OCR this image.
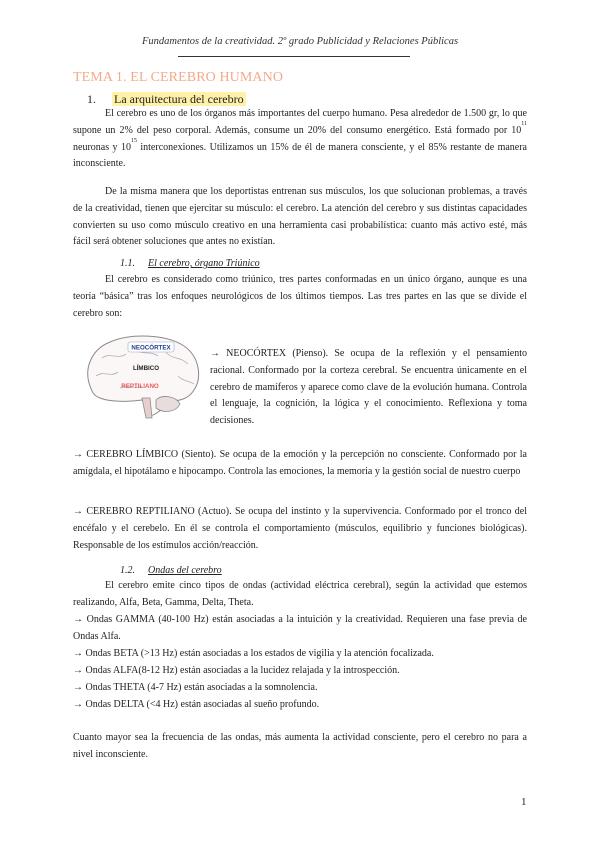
Fundamentos de la creatividad. 2º grado Publicidad y Relaciones Públicas
TEMA 1. EL CEREBRO HUMANO
1. La arquitectura del cerebro

El cerebro es uno de los órganos más importantes del cuerpo humano. Pesa alrededor de 1.500 gr, lo que supone un 2% del peso corporal. Además, consume un 20% del consumo energético. Está formado por $10^{11}$ neuronas y $10^{15}$ interconexiones. Utilizamos un 15% de él de manera consciente, y el 85% restante de manera inconsciente.

De la misma manera que los deportistas entrenan sus músculos, los que solucionan problemas, a través de la creatividad, tienen que ejercitar su músculo: el cerebro. La atención del cerebro y sus distintas capacidades convierten su uso como músculo creativo en una herramienta casi probabilística: cuanto más activo esté, más fácil será obtener soluciones que antes no existían.

1.1. El cerebro, órgano Triúnico

El cerebro es considerado como triúnico, tres partes conformadas en un único órgano, aunque es una teoría “básica” tras los enfoques neurológicos de los últimos tiempos. Las tres partes en las que se divide el cerebro son:

NEOCÓRTEX
LÍMBICO
REPTILIANO

→ NEOCÓRTEX (Pienso). Se ocupa de la reflexión y el pensamiento racional. Conformado por la corteza cerebral. Se encuentra únicamente en el cerebro de mamíferos y aparece como clave de la evolución humana. Controla el lenguaje, la cognición, la lógica y el conocimiento. Reflexiona y toma decisiones.

→ CEREBRO LÍMBICO (Siento). Se ocupa de la emoción y la percepción no consciente. Conformado por la amígdala, el hipotálamo e hipocampo. Controla las emociones, la memoria y la gestión social de nuestro cuerpo

→ CEREBRO REPTILIANO (Actuo). Se ocupa del instinto y la supervivencia. Conformado por el tronco del encéfalo y el cerebelo. En él se controla el comportamiento (músculos, equilibrio y funciones biológicas). Responsable de los estímulos acción/reacción.

1.2. Ondas del cerebro

El cerebro emite cinco tipos de ondas (actividad eléctrica cerebral), según la actividad que estemos realizando, Alfa, Beta, Gamma, Delta, Theta.

→ Ondas GAMMA (40-100 Hz) están asociadas a la intuición y la creatividad. Requieren una fase previa de Ondas Alfa.

→ Ondas BETA (>13 Hz) están asociadas a los estados de vigilia y la atención focalizada.

→ Ondas ALFA(8-12 Hz) están asociadas a la lucidez relajada y la introspección.

→ Ondas THETA (4-7 Hz) están asociadas a la somnolencia.

→ Ondas DELTA (<4 Hz) están asociadas al sueño profundo.

Cuanto mayor sea la frecuencia de las ondas, más aumenta la actividad consciente, pero el cerebro no para a nivel inconsciente.

1
